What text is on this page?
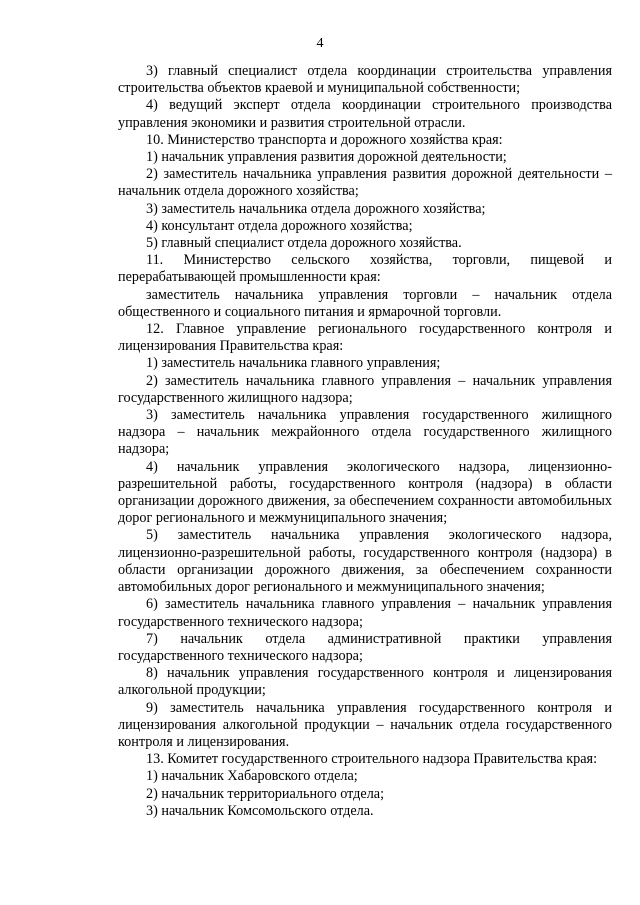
4

3) главный специалист отдела координации строительства управления строительства объектов краевой и муниципальной собственности;

4) ведущий эксперт отдела координации строительного производства управления экономики и развития строительной отрасли.

10. Министерство транспорта и дорожного хозяйства края:

1) начальник управления развития дорожной деятельности;

2) заместитель начальника управления развития дорожной деятельности – начальник отдела дорожного хозяйства;

3) заместитель начальника отдела дорожного хозяйства;

4) консультант отдела дорожного хозяйства;

5) главный специалист отдела дорожного хозяйства.

11. Министерство сельского хозяйства, торговли, пищевой и перерабатывающей промышленности края:

заместитель начальника управления торговли – начальник отдела общественного и социального питания и ярмарочной торговли.

12. Главное управление регионального государственного контроля и лицензирования Правительства края:

1) заместитель начальника главного управления;

2) заместитель начальника главного управления – начальник управления государственного жилищного надзора;

3) заместитель начальника управления государственного жилищного надзора – начальник межрайонного отдела государственного жилищного надзора;

4) начальник управления экологического надзора, лицензионно-разрешительной работы, государственного контроля (надзора) в области организации дорожного движения, за обеспечением сохранности автомобильных дорог регионального и межмуниципального значения;

5) заместитель начальника управления экологического надзора, лицензионно-разрешительной работы, государственного контроля (надзора) в области организации дорожного движения, за обеспечением сохранности автомобильных дорог регионального и межмуниципального значения;

6) заместитель начальника главного управления – начальник управления государственного технического надзора;

7) начальник отдела административной практики управления государственного технического надзора;

8) начальник управления государственного контроля и лицензирования алкогольной продукции;

9) заместитель начальника управления государственного контроля и лицензирования алкогольной продукции – начальник отдела государственного контроля и лицензирования.

13. Комитет государственного строительного надзора Правительства края:

1) начальник Хабаровского отдела;

2) начальник территориального отдела;

3) начальник Комсомольского отдела.
